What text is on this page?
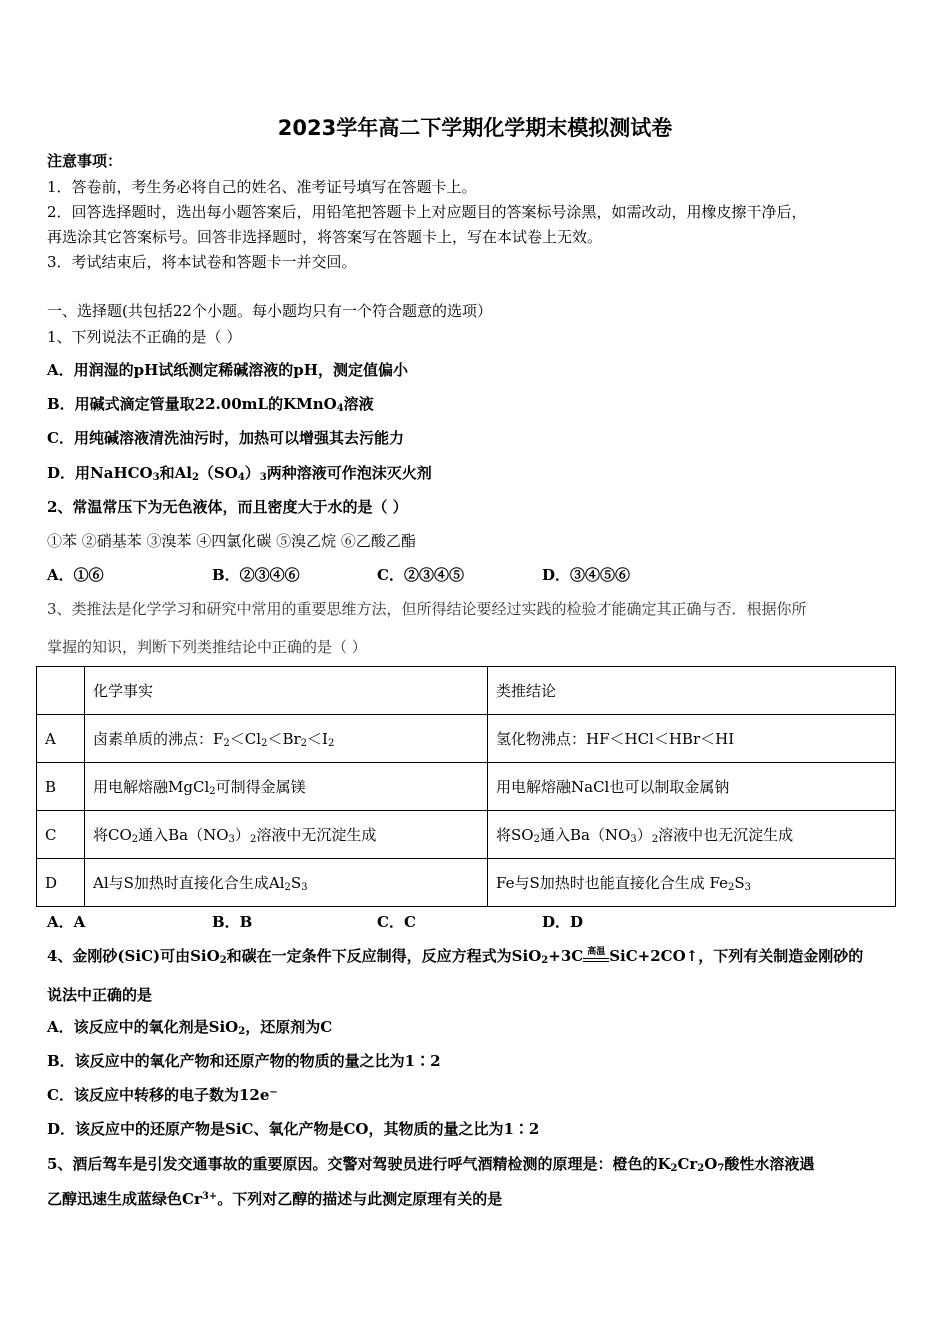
2023学年高二下学期化学期末模拟测试卷
注意事项：
1．答卷前，考生务必将自己的姓名、准考证号填写在答题卡上。
2．回答选择题时，选出每小题答案后，用铅笔把答题卡上对应题目的答案标号涂黑，如需改动，用橡皮擦干净后，
再选涂其它答案标号。回答非选择题时，将答案写在答题卡上，写在本试卷上无效。
3．考试结束后，将本试卷和答题卡一并交回。
一、选择题(共包括22个小题。每小题均只有一个符合题意的选项）
1、下列说法不正确的是（ ）
A．用润湿的pH试纸测定稀碱溶液的pH，测定值偏小
B．用碱式滴定管量取22.00mL的KMnO$_4$溶液
C．用纯碱溶液清洗油污时，加热可以增强其去污能力
D．用NaHCO$_3$和$Al_2(SO_4)_3$两种溶液可作泡沫灭火剂
2、常温常压下为无色液体，而且密度大于水的是（ ）
①苯 ②硝基苯 ③溴苯 ④四氯化碳 ⑤溴乙烷 ⑥乙酸乙酯
A．①⑥	B．②③④⑥	C．②③④⑤	D．③④⑤⑥
3、类推法是化学学习和研究中常用的重要思维方法，但所得结论要经过实践的检验才能确定其正确与否．根据你所
掌握的知识，判断下列类推结论中正确的是（ ）
	化学事实	类推结论
A	卤素单质的沸点：$F_2<Cl_2<Br_2<I_2$	氢化物沸点：HF＜HCl＜HBr＜HI
B	用电解熔融MgCl$_2$可制得金属镁	用电解熔融NaCl也可以制取金属钠
C	将$CO_2$通入$Ba(NO_3)_2$溶液中无沉淀生成	将$SO_2$通入$Ba(NO_3)_2$溶液中也无沉淀生成
D	Al与S加热时直接化合生成$Al_2S_3$	Fe与S加热时也能直接化合生成 $Fe_2S_3$
A．A	B．B	C．C	D．D
4、金刚砂(SiC)可由SiO$_2$和碳在一定条件下反应制得，反应方程式为SiO$_2$+3C 高温 SiC+2CO↑，下列有关制造金刚砂的
说法中正确的是
A．该反应中的氧化剂是SiO$_2$，还原剂为C
B．该反应中的氧化产物和还原产物的物质的量之比为1∶2
C．该反应中转移的电子数为12e−
D．该反应中的还原产物是SiC、氧化产物是CO，其物质的量之比为1∶2
5、酒后驾车是引发交通事故的重要原因。交警对驾驶员进行呼气酒精检测的原理是：橙色的$K_2Cr_2O_7$酸性水溶液遇
乙醇迅速生成蓝绿色$Cr^{3+}$。下列对乙醇的描述与此测定原理有关的是
